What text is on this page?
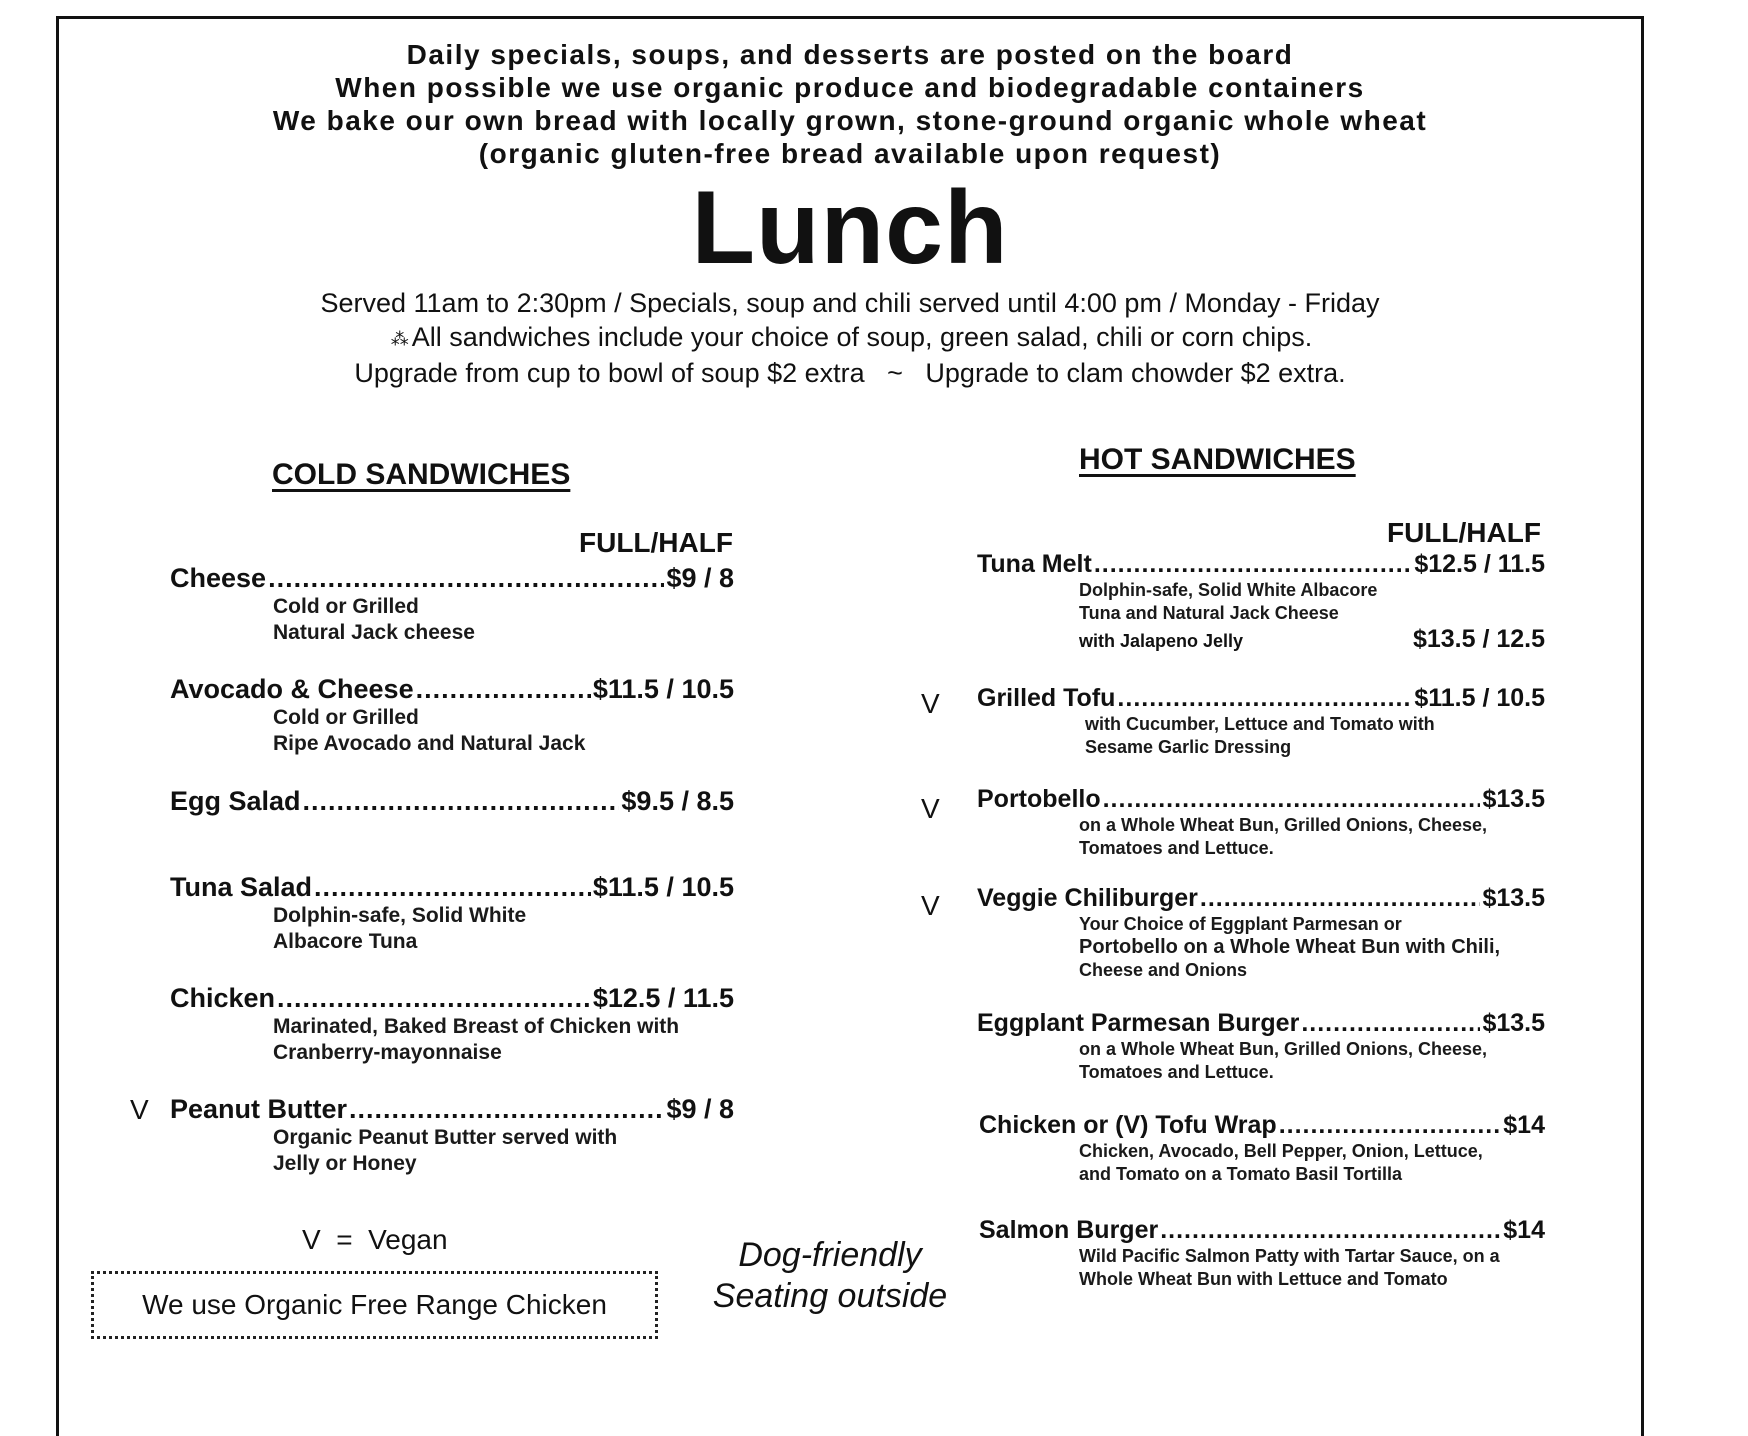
Daily specials, soups, and desserts are posted on the board
When possible we use organic produce and biodegradable containers
We bake our own bread with locally grown, stone-ground organic whole wheat
(organic gluten-free bread available upon request)
Lunch
Served 11am to 2:30pm / Specials, soup and chili served until 4:00 pm / Monday - Friday
⁂ All sandwiches include your choice of soup, green salad, chili or corn chips.
Upgrade from cup to bowl of soup $2 extra   ~   Upgrade to clam chowder $2 extra.
COLD SANDWICHES
FULL/HALF
Cheese .....	$9 / 8
Cold or Grilled
Natural Jack cheese
Avocado & Cheese .....	$11.5 / 10.5
Cold or Grilled
Ripe Avocado and Natural Jack
Egg Salad .....	$9.5 / 8.5
Tuna Salad .....	$11.5 / 10.5
Dolphin-safe, Solid White
Albacore Tuna
Chicken .....	$12.5 / 11.5
Marinated, Baked Breast of Chicken with
Cranberry-mayonnaise
V Peanut Butter .....	$9 / 8
Organic Peanut Butter served with
Jelly or Honey
HOT SANDWICHES
FULL/HALF
Tuna Melt .....	$12.5 / 11.5
Dolphin-safe, Solid White Albacore
Tuna and Natural Jack Cheese
with Jalapeno Jelly	$13.5 / 12.5
V Grilled Tofu .....	$11.5 / 10.5
with Cucumber, Lettuce and Tomato with
Sesame Garlic Dressing
V Portobello .....	$13.5
on a Whole Wheat Bun, Grilled Onions, Cheese,
Tomatoes and Lettuce.
V Veggie Chiliburger .....	$13.5
Your Choice of Eggplant Parmesan or
Portobello on a Whole Wheat Bun with Chili,
Cheese and Onions
Eggplant Parmesan Burger .....	$13.5
on a Whole Wheat Bun, Grilled Onions, Cheese,
Tomatoes and Lettuce.
Chicken or (V) Tofu Wrap .....	$14
Chicken, Avocado, Bell Pepper, Onion, Lettuce,
and Tomato on a Tomato Basil Tortilla
Salmon Burger .....	$14
Wild Pacific Salmon Patty with Tartar Sauce, on a
Whole Wheat Bun with Lettuce and Tomato
V  =  Vegan
We use Organic Free Range Chicken
Dog-friendly
Seating outside
